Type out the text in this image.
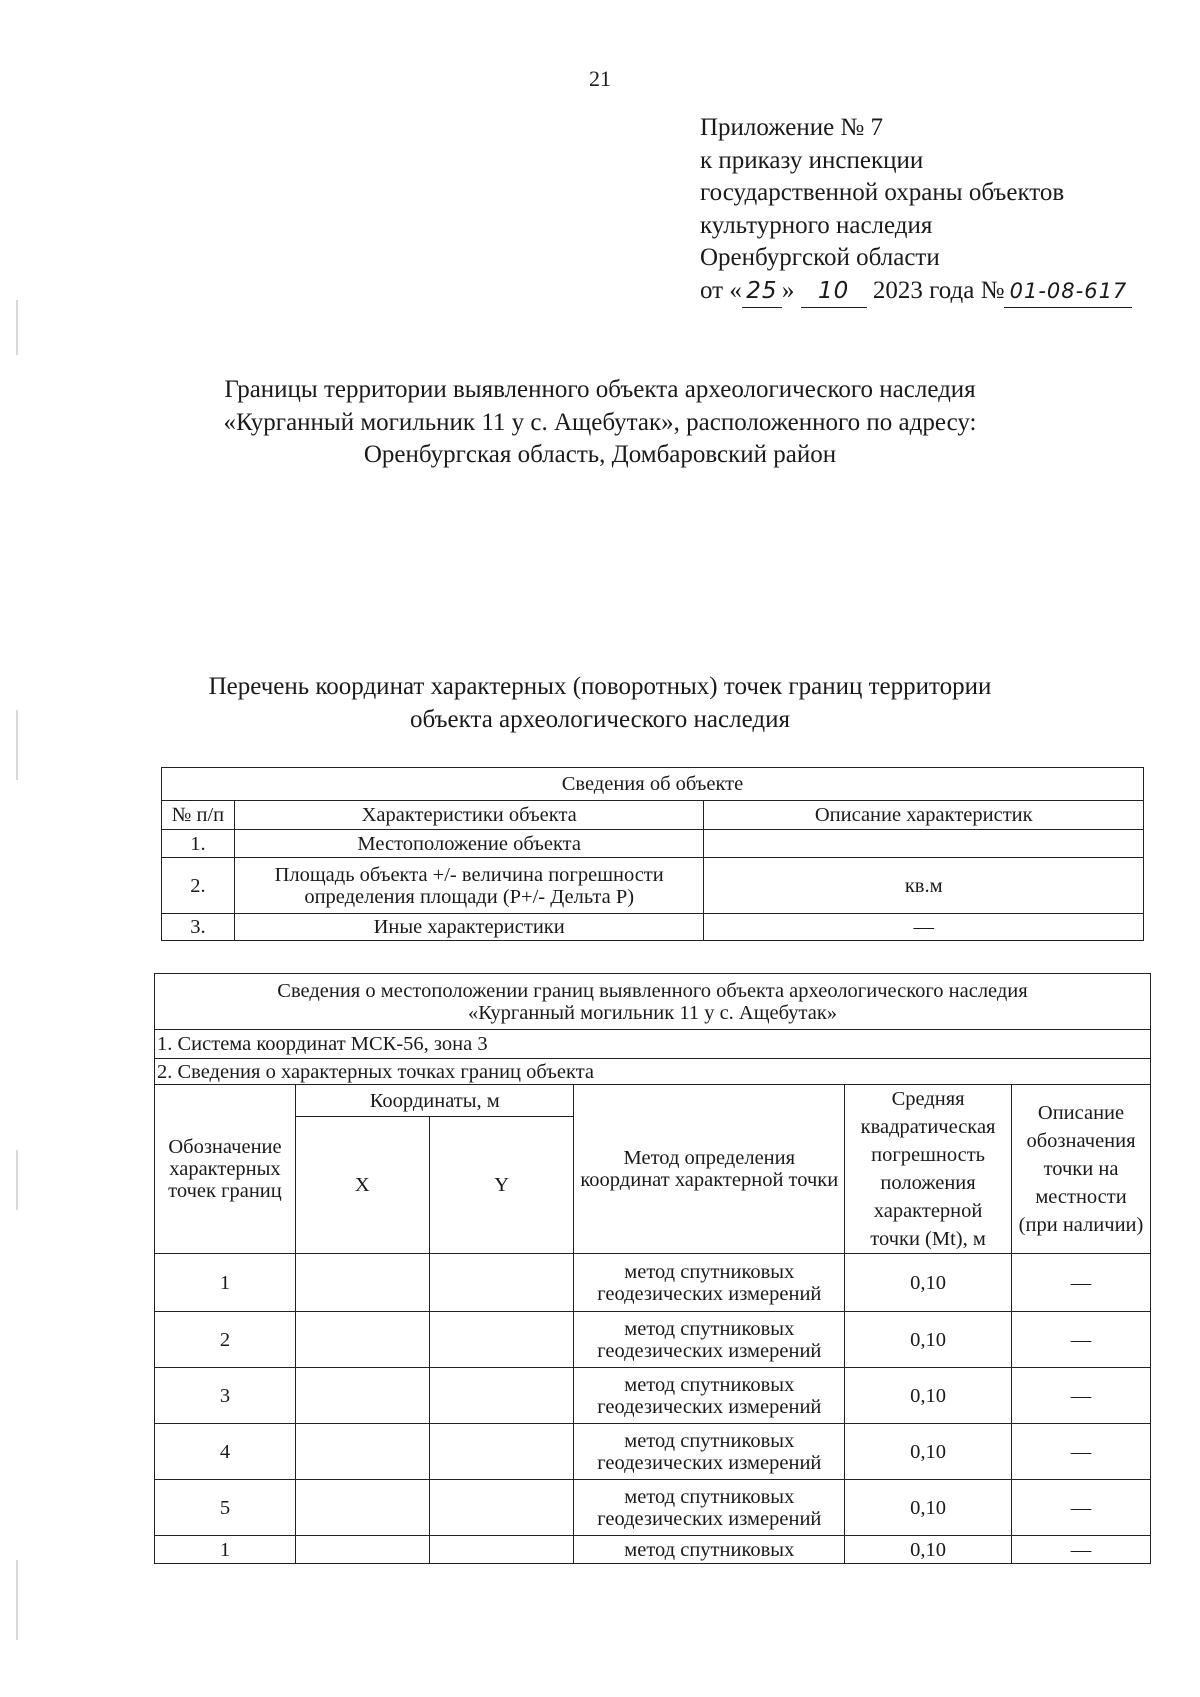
21
Приложение № 7
к приказу инспекции
государственной охраны объектов
культурного наследия
Оренбургской области
от « 25 » 10 2023 года № 01-08-617
Границы территории выявленного объекта археологического наследия
«Курганный могильник 11 у с. Ащебутак», расположенного по адресу:
Оренбургская область, Домбаровский район
Перечень координат характерных (поворотных) точек границ территории
объекта археологического наследия
Сведения об объекте		
№ п/п	Характеристики объекта	Описание характеристик
1.	Местоположение объекта	
2.	Площадь объекта +/- величина погрешности определения площади (P+/- Дельта P)	кв.м
3.	Иные характеристики	—
Сведения о местоположении границ выявленного объекта археологического наследия
«Курганный могильник 11 у с. Ащебутак»					

1. Система координат МСК-56, зона 3					
2. Сведения о характерных точках границ объекта					
Обозначение характерных точек границ	Координаты, м		Метод определения координат характерной точки	Средняя квадратическая погрешность положения характерной точки (Mt), м	Описание обозначения точки на местности (при наличии)
	X	Y			
1			метод спутниковых геодезических измерений	0,10	—
2			метод спутниковых геодезических измерений	0,10	—
3			метод спутниковых геодезических измерений	0,10	—
4			метод спутниковых геодезических измерений	0,10	—
5			метод спутниковых геодезических измерений	0,10	—
1			метод спутниковых	0,10	—
